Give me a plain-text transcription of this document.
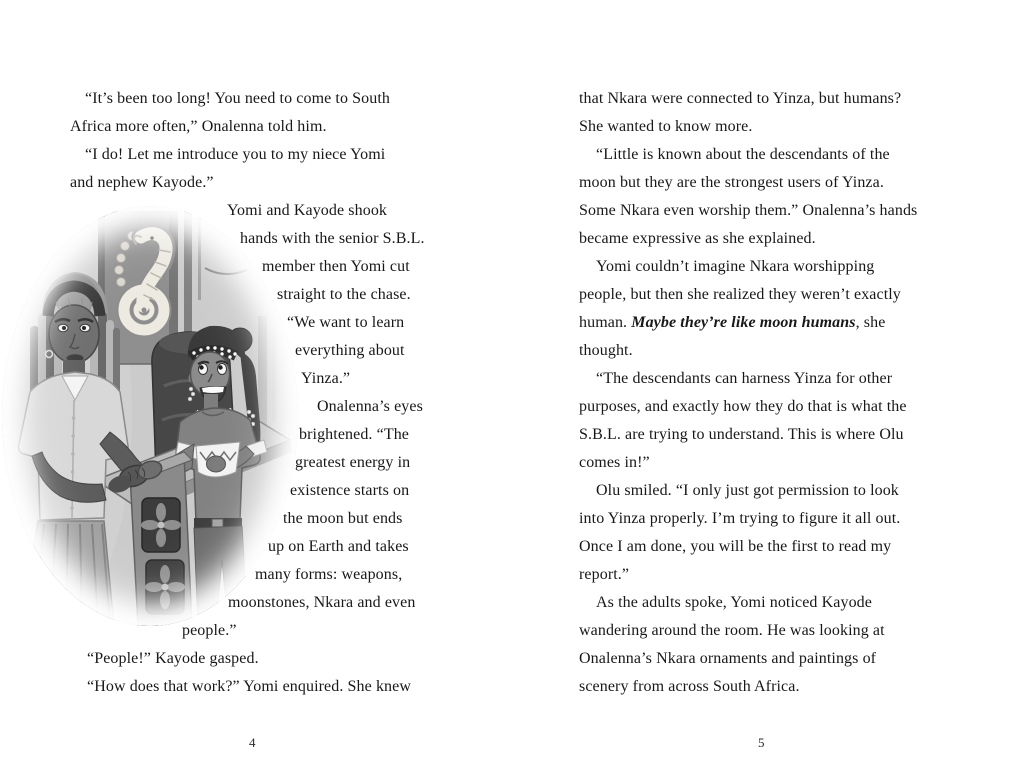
“It’s been too long! You need to come to South
Africa more often,” Onalenna told him.
“I do! Let me introduce you to my niece Yomi
and nephew Kayode.”
Yomi and Kayode shook
hands with the senior S.B.L.
member then Yomi cut
straight to the chase.
“We want to learn
everything about
Yinza.”
Onalenna’s eyes
brightened. “The
greatest energy in
existence starts on
the moon but ends
up on Earth and takes
many forms: weapons,
moonstones, Nkara and even
people.”
“People!” Kayode gasped.
“How does that work?” Yomi enquired. She knew
4
that Nkara were connected to Yinza, but humans?
She wanted to know more.
“Little is known about the descendants of the
moon but they are the strongest users of Yinza.
Some Nkara even worship them.” Onalenna’s hands
became expressive as she explained.
Yomi couldn’t imagine Nkara worshipping
people, but then she realized they weren’t exactly
human. Maybe they’re like moon humans, she
thought.
“The descendants can harness Yinza for other
purposes, and exactly how they do that is what the
S.B.L. are trying to understand. This is where Olu
comes in!”
Olu smiled. “I only just got permission to look
into Yinza properly. I’m trying to figure it all out.
Once I am done, you will be the first to read my
report.”
As the adults spoke, Yomi noticed Kayode
wandering around the room. He was looking at
Onalenna’s Nkara ornaments and paintings of
scenery from across South Africa.
5
